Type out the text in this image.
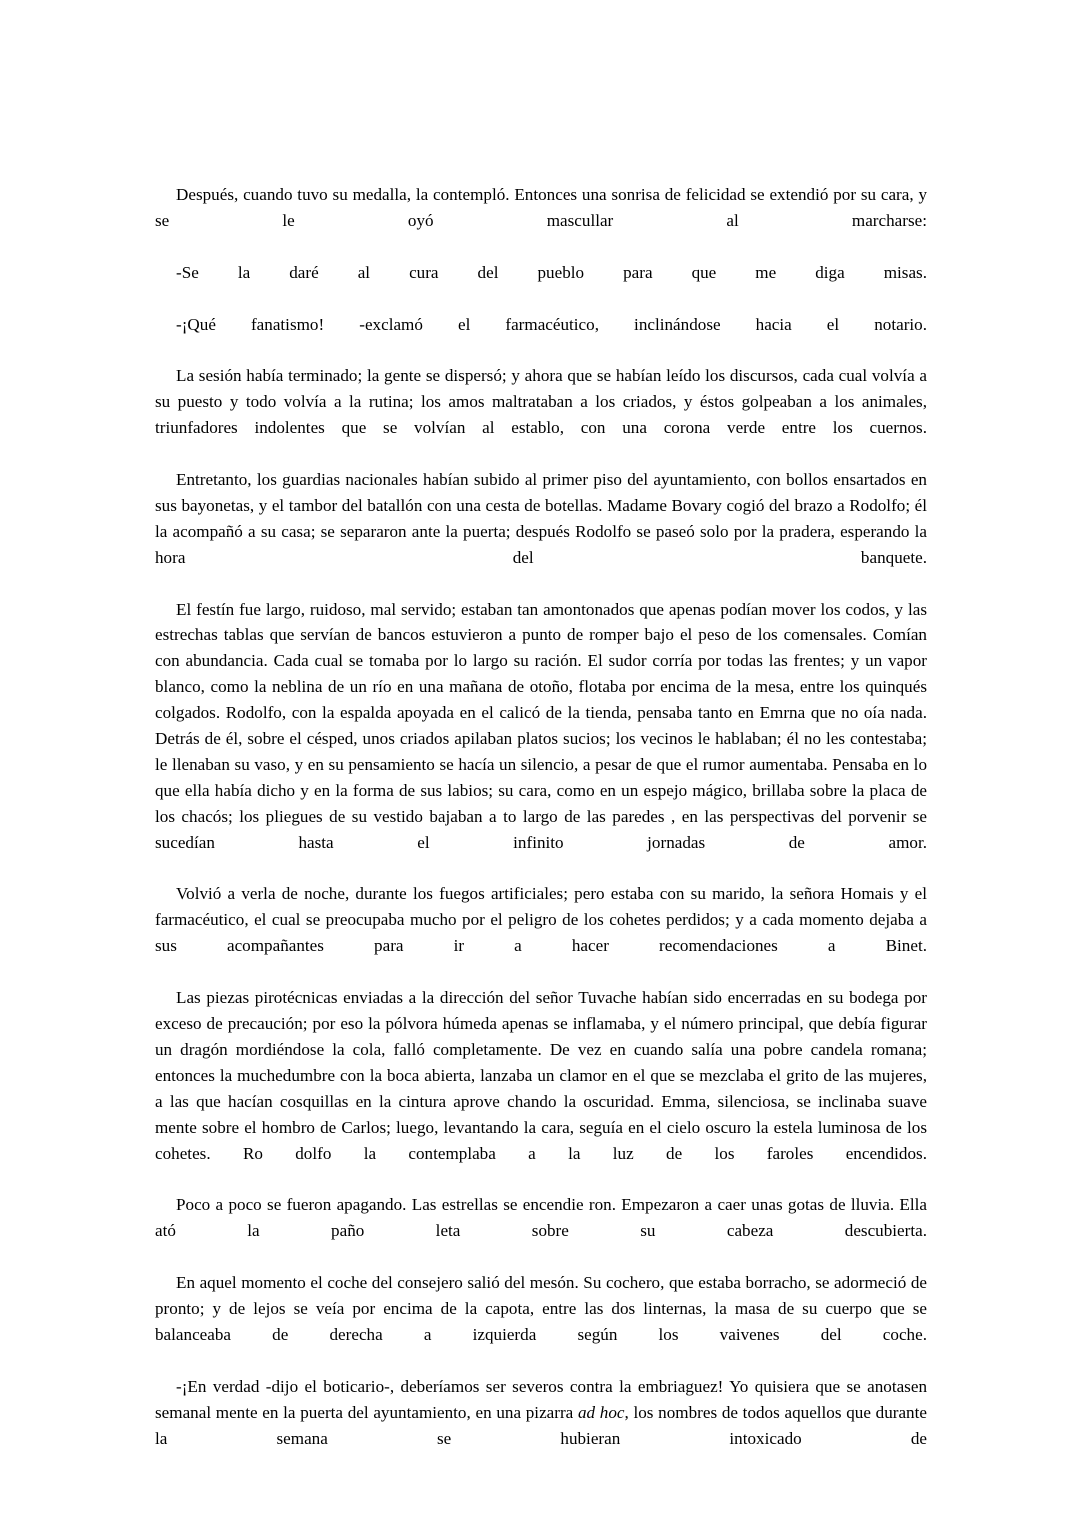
Después, cuando tuvo su medalla, la contempló. Entonces una sonrisa de felicidad se extendió por su cara, y se le oyó mascullar al marcharse:

-Se la daré al cura del pueblo para que me diga misas.

-¡Qué fanatismo! -exclamó el farmacéutico, inclinándose hacia el notario.

La sesión había terminado; la gente se dispersó; y ahora que se habían leído los discursos, cada cual volvía a su puesto y todo volvía a la rutina; los amos maltrataban a los criados, y éstos golpeaban a los animales, triunfadores indolentes que se volvían al establo, con una corona verde entre los cuernos.

Entretanto, los guardias nacionales habían subido al primer piso del ayuntamiento, con bollos ensartados en sus bayonetas, y el tambor del batallón con una cesta de botellas. Madame Bovary cogió del brazo a Rodolfo; él la acompañó a su casa; se separaron ante la puerta; después Rodolfo se paseó solo por la pradera, esperando la hora del banquete.

El festín fue largo, ruidoso, mal servido; estaban tan amontonados que apenas podían mover los codos, y las estrechas tablas que servían de bancos estuvieron a punto de romper bajo el peso de los comensales. Comían con abundancia. Cada cual se tomaba por lo largo su ración. El sudor corría por todas las frentes; y un vapor blanco, como la neblina de un río en una mañana de otoño, flotaba por encima de la mesa, entre los quinqués colgados. Rodolfo, con la espalda apoyada en el calicó de la tienda, pensaba tanto en Emrna que no oía nada. Detrás de él, sobre el césped, unos criados apilaban platos sucios; los vecinos le hablaban; él no les contestaba; le llenaban su vaso, y en su pensamiento se hacía un silencio, a pesar de que el rumor aumentaba. Pensaba en lo que ella había dicho y en la forma de sus labios; su cara, como en un espejo mágico, brillaba sobre la placa de los chacós; los pliegues de su vestido bajaban a to largo de las paredes , en las perspectivas del porvenir se sucedían hasta el infinito jornadas de amor.

Volvió a verla de noche, durante los fuegos artificiales; pero estaba con su marido, la señora Homais y el farmacéutico, el cual se preocupaba mucho por el peligro de los cohetes perdidos; y a cada momento dejaba a sus acompañantes para ir a hacer recomendaciones a Binet.

Las piezas pirotécnicas enviadas a la dirección del señor Tuvache habían sido encerradas en su bodega por exceso de precaución; por eso la pólvora húmeda apenas se inflamaba, y el número principal, que debía figurar un dragón mordiéndose la cola, falló completamente. De vez en cuando salía una pobre candela romana; entonces la muchedumbre con la boca abierta, lanzaba un clamor en el que se mezclaba el grito de las mujeres, a las que hacían cosquillas en la cintura aprove chando la oscuridad. Emma, silenciosa, se inclinaba suave mente sobre el hombro de Carlos; luego, levantando la cara, seguía en el cielo oscuro la estela luminosa de los cohetes. Ro dolfo la contemplaba a la luz de los faroles encendidos.

Poco a poco se fueron apagando. Las estrellas se encendie ron. Empezaron a caer unas gotas de lluvia. Ella ató la paño leta sobre su cabeza descubierta.

En aquel momento el coche del consejero salió del mesón. Su cochero, que estaba borracho, se adormeció de pronto; y de lejos se veía por encima de la capota, entre las dos linternas, la masa de su cuerpo que se balanceaba de derecha a izquierda según los vaivenes del coche.

-¡En verdad -dijo el boticario-, deberíamos ser severos contra la embriaguez! Yo quisiera que se anotasen semanal mente en la puerta del ayuntamiento, en una pizarra ad hoc, los nombres de todos aquellos que durante la semana se hubieran intoxicado de
